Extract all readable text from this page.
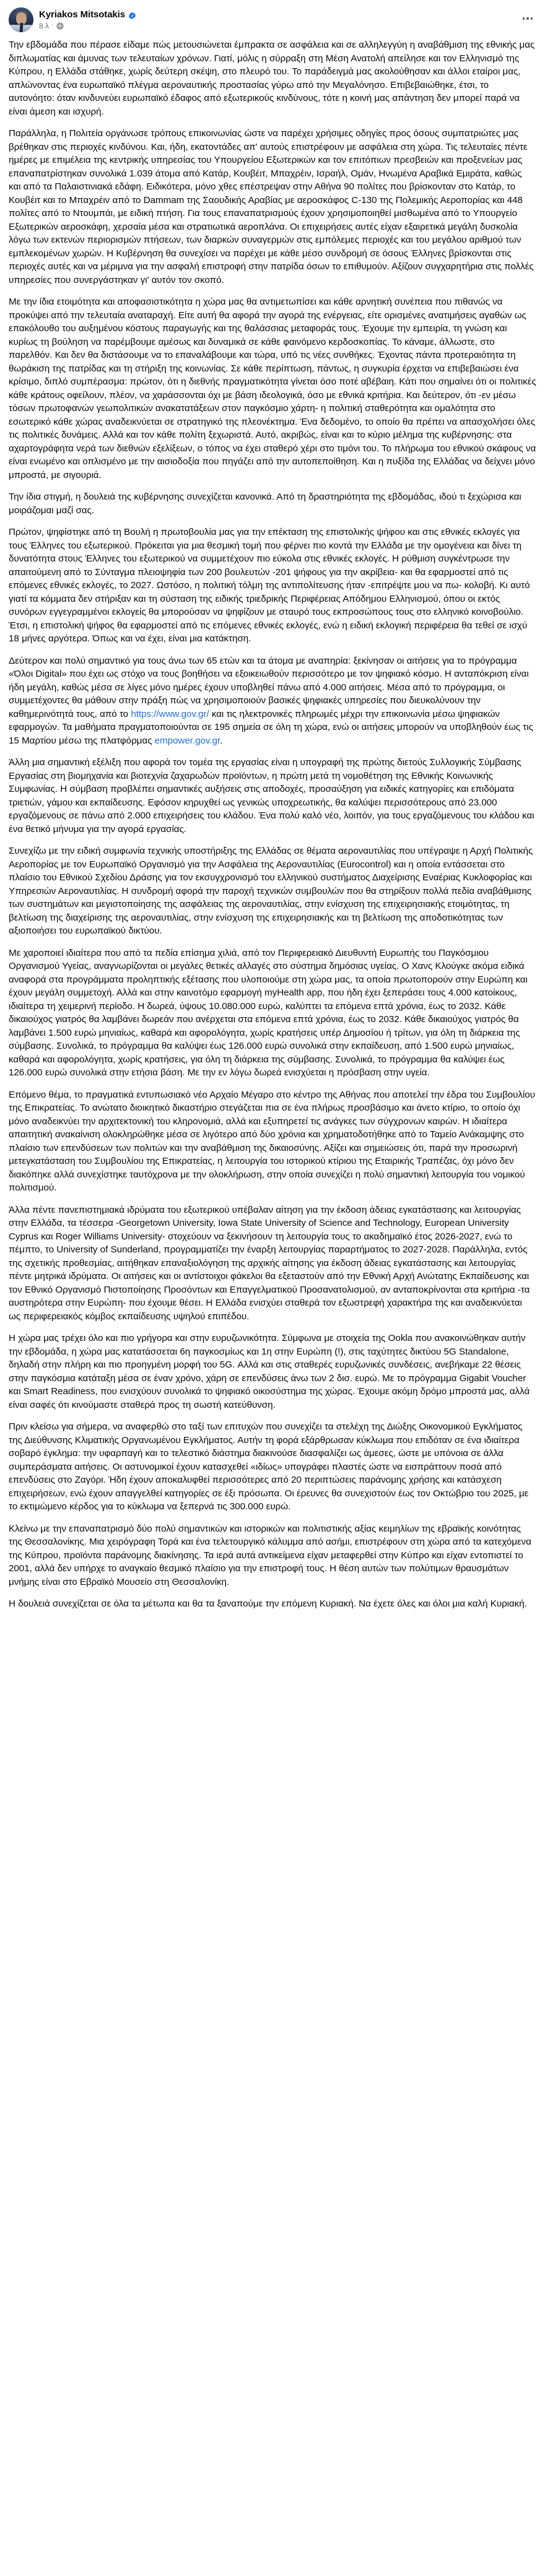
Kyriakos Mitsotakis
8 λ ·

Την εβδομάδα που πέρασε είδαμε πώς μετουσιώνεται έμπρακτα σε ασφάλεια και σε αλληλεγγύη η αναβάθμιση της εθνικής μας διπλωματίας και άμυνας των τελευταίων χρόνων. Γιατί, μόλις η σύρραξη στη Μέση Ανατολή απείλησε και τον Ελληνισμό της Κύπρου, η Ελλάδα στάθηκε, χωρίς δεύτερη σκέψη, στο πλευρό του. Το παράδειγμά μας ακολούθησαν και άλλοι εταίροι μας, απλώνοντας ένα ευρωπαϊκό πλέγμα αεροναυτικής προστασίας γύρω από την Μεγαλόνησο. Επιβεβαιώθηκε, έτσι, το αυτονόητο: όταν κινδυνεύει ευρωπαϊκό έδαφος από εξωτερικούς κινδύνους, τότε η κοινή μας απάντηση δεν μπορεί παρά να είναι άμεση και ισχυρή.

Παράλληλα, η Πολιτεία οργάνωσε τρόπους επικοινωνίας ώστε να παρέχει χρήσιμες οδηγίες προς όσους συμπατριώτες μας βρέθηκαν στις περιοχές κινδύνου. Και, ήδη, εκατοντάδες απ' αυτούς επιστρέφουν με ασφάλεια στη χώρα. Τις τελευταίες πέντε ημέρες με επιμέλεια της κεντρικής υπηρεσίας του Υπουργείου Εξωτερικών και τον επιτόπιων πρεσβειών και προξενείων μας επαναπατρίστηκαν συνολικά 1.039 άτομα από Κατάρ, Κουβέιτ, Μπαχρέιν, Ισραήλ, Ομάν, Ηνωμένα Αραβικά Εμιράτα, καθώς και από τα Παλαιστινιακά εδάφη. Ειδικότερα, μόνο χθες επέστρεψαν στην Αθήνα 90 πολίτες που βρίσκονταν στο Κατάρ, το Κουβέιτ και το Μπαχρέιν από το Dammam της Σαουδικής Αραβίας με αεροσκάφος C-130 της Πολεμικής Αεροπορίας και 448 πολίτες από το Ντουμπάι, με ειδική πτήση. Για τους επαναπατρισμούς έχουν χρησιμοποιηθεί μισθωμένα από το Υπουργείο Εξωτερικών αεροσκάφη, χερσαία μέσα και στρατιωτικά αεροπλάνα. Οι επιχειρήσεις αυτές είχαν εξαιρετικά μεγάλη δυσκολία λόγω των εκτενών περιορισμών πτήσεων, των διαρκών συναγερμών στις εμπόλεμες περιοχές και του μεγάλου αριθμού των εμπλεκομένων χωρών. Η Κυβέρνηση θα συνεχίσει να παρέχει με κάθε μέσο συνδρομή σε όσους Έλληνες βρίσκονται στις περιοχές αυτές και να μέριμνα για την ασφαλή επιστροφή στην πατρίδα όσων το επιθυμούν. Αξίζουν συγχαρητήρια στις πολλές υπηρεσίες που συνεργάστηκαν γι' αυτόν τον σκοπό.

Με την ίδια ετοιμότητα και αποφασιστικότητα η χώρα μας θα αντιμετωπίσει και κάθε αρνητική συνέπεια που πιθανώς να προκύψει από την τελευταία αναταραχή. Είτε αυτή θα αφορά την αγορά της ενέργειας, είτε ορισμένες ανατιμήσεις αγαθών ως επακόλουθο του αυξημένου κόστους παραγωγής και της θαλάσσιας μεταφοράς τους. Έχουμε την εμπειρία, τη γνώση και κυρίως τη βούληση να παρέμβουμε αμέσως και δυναμικά σε κάθε φαινόμενο κερδοσκοπίας. Το κάναμε, άλλωστε, στο παρελθόν. Και δεν θα διστάσουμε να το επαναλάβουμε και τώρα, υπό τις νέες συνθήκες. Έχοντας πάντα προτεραιότητα τη θωράκιση της πατρίδας και τη στήριξη της κοινωνίας. Σε κάθε περίπτωση, πάντως, η συγκυρία έρχεται να επιβεβαιώσει ένα κρίσιμο, διπλό συμπέρασμα: πρώτον, ότι η διεθνής πραγματικότητα γίνεται όσο ποτέ αβέβαιη. Κάτι που σημαίνει ότι οι πολιτικές κάθε κράτους οφείλουν, πλέον, να χαράσσονται όχι με βάση ιδεολογικά, όσο με εθνικά κριτήρια. Και δεύτερον, ότι -εν μέσω τόσων πρωτοφανών γεωπολιτικών ανακατατάξεων στον παγκόσμιο χάρτη- η πολιτική σταθερότητα και ομαλότητα στο εσωτερικό κάθε χώρας αναδεικνύεται σε στρατηγικό της πλεονέκτημα. Ένα δεδομένο, το οποίο θα πρέπει να απασχολήσει όλες τις πολιτικές δυνάμεις. Αλλά και τον κάθε πολίτη ξεχωριστά. Αυτό, ακριβώς, είναι και το κύριο μέλημα της κυβέρνησης: στα αχαρτογράφητα νερά των διεθνών εξελίξεων, ο τόπος να έχει σταθερό χέρι στο τιμόνι του. Το πλήρωμα του εθνικού σκάφους να είναι ενωμένο και οπλισμένο με την αισιοδοξία που πηγάζει από την αυτοπεποίθηση. Και η πυξίδα της Ελλάδας να δείχνει μόνο μπροστά, με σιγουριά.

Την ίδια στιγμή, η δουλειά της κυβέρνησης συνεχίζεται κανονικά. Από τη δραστηριότητα της εβδομάδας, ιδού τι ξεχώρισα και μοιράζομαι μαζί σας.

Πρώτον, ψηφίστηκε από τη Βουλή η πρωτοβουλία μας για την επέκταση της επιστολικής ψήφου και στις εθνικές εκλογές για τους Έλληνες του εξωτερικού. Πρόκειται για μια θεσμική τομή που φέρνει πιο κοντά την Ελλάδα με την ομογένεια και δίνει τη δυνατότητα στους Έλληνες του εξωτερικού να συμμετέχουν πιο εύκολα στις εθνικές εκλογές. Η ρύθμιση συγκέντρωσε την απαιτούμενη από το Σύνταγμα πλειοψηφία των 200 βουλευτών -201 ψήφους για την ακρίβεια- και θα εφαρμοστεί από τις επόμενες εθνικές εκλογές, το 2027. Ωστόσο, η πολιτική τόλμη της αντιπολίτευσης ήταν -επιτρέψτε μου να πω- κολοβή. Κι αυτό γιατί τα κόμματα δεν στήριξαν και τη σύσταση της ειδικής τριεδρικής Περιφέρειας Απόδημου Ελληνισμού, όπου οι εκτός συνόρων εγγεγραμμένοι εκλογείς θα μπορούσαν να ψηφίζουν με σταυρό τους εκπροσώπους τους στο ελληνικό κοινοβούλιο. Έτσι, η επιστολική ψήφος θα εφαρμοστεί από τις επόμενες εθνικές εκλογές, ενώ η ειδική εκλογική περιφέρεια θα τεθεί σε ισχύ 18 μήνες αργότερα. Όπως και να έχει, είναι μια κατάκτηση.

Δεύτερον και πολύ σημαντικό για τους άνω των 65 ετών και τα άτομα με αναπηρία: ξεκίνησαν οι αιτήσεις για το πρόγραμμα «Όλοι Digital» που έχει ως στόχο να τους βοηθήσει να εξοικειωθούν περισσότερο με τον ψηφιακό κόσμο. Η ανταπόκριση είναι ήδη μεγάλη, καθώς μέσα σε λίγες μόνο ημέρες έχουν υποβληθεί πάνω από 4.000 αιτήσεις. Μέσα από το πρόγραμμα, οι συμμετέχοντες θα μάθουν στην πράξη πώς να χρησιμοποιούν βασικές ψηφιακές υπηρεσίες που διευκολύνουν την καθημερινότητά τους, από το https://www.gov.gr/ και τις ηλεκτρονικές πληρωμές μέχρι την επικοινωνία μέσω ψηφιακών εφαρμογών. Τα μαθήματα πραγματοποιούνται σε 195 σημεία σε όλη τη χώρα, ενώ οι αιτήσεις μπορούν να υποβληθούν έως τις 15 Μαρτίου μέσω της πλατφόρμας empower.gov.gr.

Άλλη μια σημαντική εξέλιξη που αφορά τον τομέα της εργασίας είναι η υπογραφή της πρώτης διετούς Συλλογικής Σύμβασης Εργασίας στη βιομηχανία και βιοτεχνία ζαχαρωδών προϊόντων, η πρώτη μετά τη νομοθέτηση της Εθνικής Κοινωνικής Συμφωνίας. Η σύμβαση προβλέπει σημαντικές αυξήσεις στις αποδοχές, προσαύξηση για ειδικές κατηγορίες και επιδόματα τριετιών, γάμου και εκπαίδευσης. Εφόσον κηρυχθεί ως γενικώς υποχρεωτικής, θα καλύψει περισσότερους από 23.000 εργαζόμενους σε πάνω από 2.000 επιχειρήσεις του κλάδου. Ένα πολύ καλό νέο, λοιπόν, για τους εργαζόμενους του κλάδου και ένα θετικό μήνυμα για την αγορά εργασίας.

Συνεχίζω με την ειδική συμφωνία τεχνικής υποστήριξης της Ελλάδας σε θέματα αεροναυτιλίας που υπέγραψε η Αρχή Πολιτικής Αεροπορίας με τον Ευρωπαϊκό Οργανισμό για την Ασφάλεια της Αεροναυτιλίας (Eurocontrol) και η οποία εντάσσεται στο πλαίσιο του Εθνικού Σχεδίου Δράσης για τον εκσυγχρονισμό του ελληνικού συστήματος Διαχείρισης Εναέριας Κυκλοφορίας και Υπηρεσιών Αεροναυτιλίας. Η συνδρομή αφορά την παροχή τεχνικών συμβουλών που θα στηρίξουν πολλά πεδία αναβάθμισης των συστημάτων και μεγιστοποίησης της ασφάλειας της αεροναυτιλίας, στην ενίσχυση της επιχειρησιακής ετοιμότητας, τη βελτίωση της διαχείρισης της αεροναυτιλίας, στην ενίσχυση της επιχειρησιακής και τη βελτίωση της αποδοτικότητας των αξιοποιήσει του ευρωπαϊκού δικτύου.

Με χαροποιεί ιδιαίτερα που από τα πεδία επίσημα χιλιά, από τον Περιφερειακό Διευθυντή Ευρωπής του Παγκόσμιου Οργανισμού Υγείας, αναγνωρίζονται οι μεγάλες θετικές αλλαγές στο σύστημα δημόσιας υγείας. Ο Χανς Κλούγκε ακόμα ειδικά αναφορά στα προγράμματα προληπτικής εξέτασης που υλοποιούμε στη χώρα μας, τα οποία πρωτοπορούν στην Ευρώπη και έχουν μεγάλη συμμετοχή. Αλλά και στην καινοτόμο εφαρμογή myHealth app, που ήδη έχει ξεπεράσει τους 4.000 κατοίκους, ιδιαίτερα τη χειμερινή περίοδο. Η δωρεά, ύψους 10.080.000 ευρώ, καλύπτει τα επόμενα επτά χρόνια, έως το 2032. Κάθε δικαιούχος γιατρός θα λαμβάνει δωρεάν που ανέρχεται στα επόμενα επτά χρόνια, έως το 2032. Κάθε δικαιούχος γιατρός θα λαμβάνει 1.500 ευρώ μηνιαίως, καθαρά και αφορολόγητα, χωρίς κρατήσεις υπέρ Δημοσίου ή τρίτων, για όλη τη διάρκεια της σύμβασης. Συνολικά, το πρόγραμμα θα καλύψει έως 126.000 ευρώ συνολικά στην εκπαίδευση, από 1.500 ευρώ μηνιαίως, καθαρά και αφορολόγητα, χωρίς κρατήσεις, για όλη τη διάρκεια της σύμβασης. Συνολικά, το πρόγραμμα θα καλύψει έως 126.000 ευρώ συνολικά στην ετήσια βάση. Με την εν λόγω δωρεά ενισχύεται η πρόσβαση στην υγεία.

Επόμενο θέμα, το πραγματικά εντυπωσιακό νέο Αρχαίο Μέγαρο στο κέντρο της Αθήνας που αποτελεί την έδρα του Συμβουλίου της Επικρατείας. Το ανώτατο διοικητικό δικαστήριο στεγάζεται πια σε ένα πλήρως προσβάσιμο και άνετο κτίριο, το οποίο όχι μόνο αναδεικνύει την αρχιτεκτονική του κληρονομιά, αλλά και εξυπηρετεί τις ανάγκες των σύγχρονων καιρών. Η ιδιαίτερα απαιτητική ανακαίνιση ολοκληρώθηκε μέσα σε λιγότερο από δύο χρόνια και χρηματοδοτήθηκε από το Ταμείο Ανάκαμψης στο πλαίσιο των επενδύσεων των πολιτών και την αναβάθμιση της δικαιοσύνης. Αξίζει και σημειώσεις ότι, παρά την προσωρινή μετεγκατάσταση του Συμβουλίου της Επικρατείας, η λειτουργία του ιστορικού κτίριου της Εταιρικής Τραπέζας, όχι μόνο δεν διακόπηκε αλλά συνεχίστηκε ταυτόχρονα με την ολοκλήρωση, στην οποία συνεχίζει η πολύ σημαντική λειτουργία του νομικού πολιτισμού.

Άλλα πέντε πανεπιστημιακά ιδρύματα του εξωτερικού υπέβαλαν αίτηση για την έκδοση άδειας εγκατάστασης και λειτουργίας στην Ελλάδα, τα τέσσερα -Georgetown University, Iowa State University of Science and Technology, European University Cyprus και Roger Williams University- στοχεύουν να ξεκινήσουν τη λειτουργία τους το ακαδημαϊκό έτος 2026-2027, ενώ το πέμπτο, το University of Sunderland, προγραμματίζει την έναρξη λειτουργίας παραρτήματος το 2027-2028. Παράλληλα, εντός της σχετικής προθεσμίας, αιτήθηκαν επαναξιολόγηση της αρχικής αίτησης για έκδοση άδειας εγκατάστασης και λειτουργίας πέντε μητρικά ιδρύματα. Οι αιτήσεις και οι αντίστοιχοι φάκελοι θα εξεταστούν από την Εθνική Αρχή Ανώτατης Εκπαίδευσης και τον Εθνικό Οργανισμό Πιστοποίησης Προσόντων και Επαγγελματικού Προσανατολισμού, αν ανταποκρίνονται στα κριτήρια -τα αυστηρότερα στην Ευρώπη- που έχουμε θέσει. Η Ελλάδα ενισχύει σταθερά τον εξωστρεφή χαρακτήρα της και αναδεικνύεται ως περιφερειακός κόμβος εκπαίδευσης υψηλού επιπέδου.

Η χώρα μας τρέχει όλο και πιο γρήγορα και στην ευρυζωνικότητα. Σύμφωνα με στοιχεία της Ookla που ανακοινώθηκαν αυτήν την εβδομάδα, η χώρα μας κατατάσσεται 6η παγκοσμίως και 1η στην Ευρώπη (!), στις ταχύτητες δικτύου 5G Standalone, δηλαδή στην πλήρη και πιο προηγμένη μορφή του 5G. Αλλά και στις σταθερές ευρυζωνικές συνδέσεις, ανεβήκαμε 22 θέσεις στην παγκόσμια κατάταξη μέσα σε έναν χρόνο, χάρη σε επενδύσεις άνω των 2 δισ. ευρώ. Με το πρόγραμμα Gigabit Voucher και Smart Readiness, που ενισχύουν συνολικά το ψηφιακό οικοσύστημα της χώρας. Έχουμε ακόμη δρόμο μπροστά μας, αλλά είναι σαφές ότι κινούμαστε σταθερά προς τη σωστή κατεύθυνση.

Πριν κλείσω για σήμερα, να αναφερθώ στο ταξί των επιτυχών που συνεχίζει τα στελέχη της Διώξης Οικονομικού Εγκλήματος της Διεύθυνσης Κλιματικής Οργανωμένου Εγκλήματος. Αυτήν τη φορά εξάρθρωσαν κύκλωμα που επιδόταν σε ένα ιδιαίτερα σοβαρό έγκλημα: την υφαρπαγή και το τελεστικό διάστημα διακινούσε διασφαλίζει ως άμεσες, ώστε με υπόνοια σε άλλα συμπεράσματα αιτήσεις. Οι αστυνομικοί έχουν κατασχεθεί «ιδίως» υπογράφει πλαστές ώστε να εισπράττουν ποσά από επενδύσεις στο Ζαγόρι. Ήδη έχουν αποκαλυφθεί περισσότερες από 20 περιπτώσεις παράνομης χρήσης και κατάσχεση επιχειρήσεων, ενώ έχουν απαγγελθεί κατηγορίες σε έξι πρόσωπα. Οι έρευνες θα συνεχιστούν έως τον Οκτώβριο του 2025, με το εκτιμώμενο κέρδος για το κύκλωμα να ξεπερνά τις 300.000 ευρώ.

Κλείνω με την επαναπατρισμό δύο πολύ σημαντικών και ιστορικών και πολιτιστικής αξίας κειμηλίων της εβραϊκής κοινότητας της Θεσσαλονίκης. Μια χειρόγραφη Τορά και ένα τελετουργικό κάλυμμα από ασήμι, επιστρέφουν στη χώρα από τα κατεχόμενα της Κύπρου, προϊόντα παράνομης διακίνησης. Τα ιερά αυτά αντικείμενα είχαν μεταφερθεί στην Κύπρο και είχαν εντοπιστεί το 2001, αλλά δεν υπήρχε το αναγκαίο θεσμικό πλαίσιο για την επιστροφή τους. Η θέση αυτών των πολύτιμων θραυσμάτων μνήμης είναι στο Εβραϊκό Μουσείο στη Θεσσαλονίκη.

Η δουλειά συνεχίζεται σε όλα τα μέτωπα και θα τα ξαναπούμε την επόμενη Κυριακή. Να έχετε όλες και όλοι μια καλή Κυριακή.
